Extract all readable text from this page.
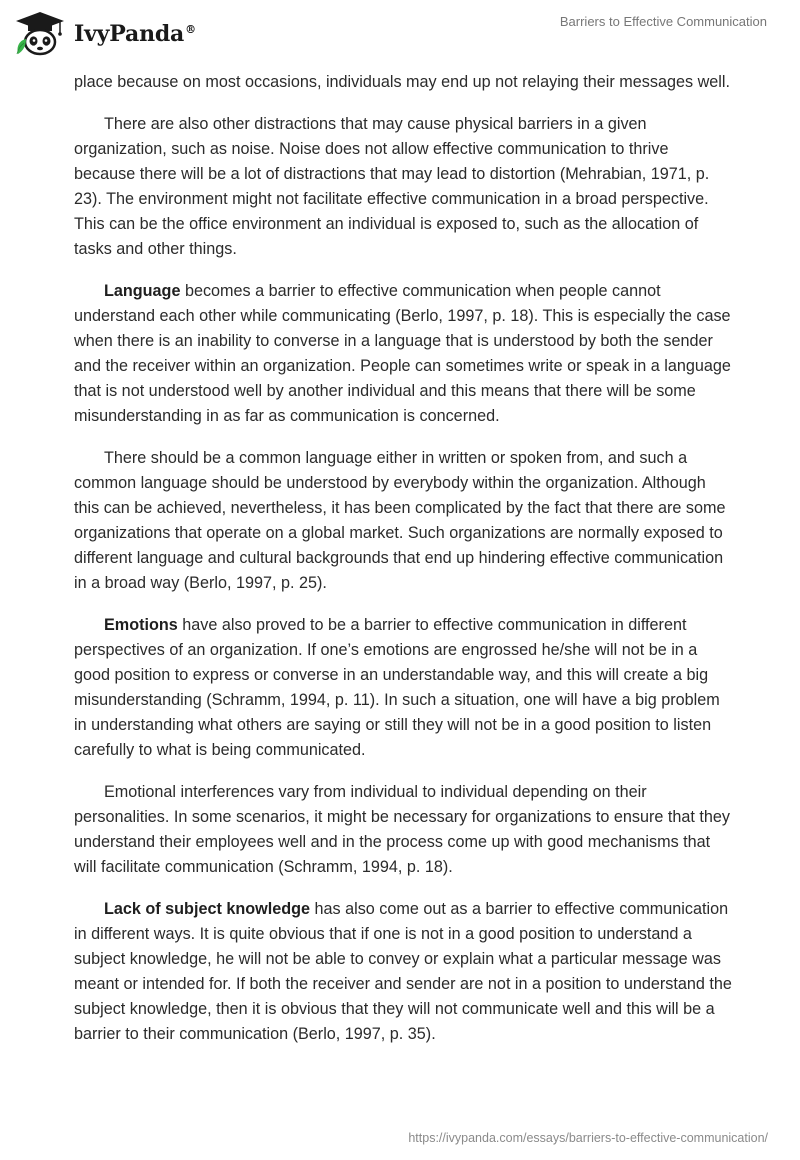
IvyPanda®
Barriers to Effective Communication

place because on most occasions, individuals may end up not relaying their messages well.

There are also other distractions that may cause physical barriers in a given organization, such as noise. Noise does not allow effective communication to thrive because there will be a lot of distractions that may lead to distortion (Mehrabian, 1971, p. 23). The environment might not facilitate effective communication in a broad perspective. This can be the office environment an individual is exposed to, such as the allocation of tasks and other things.

Language becomes a barrier to effective communication when people cannot understand each other while communicating (Berlo, 1997, p. 18). This is especially the case when there is an inability to converse in a language that is understood by both the sender and the receiver within an organization. People can sometimes write or speak in a language that is not understood well by another individual and this means that there will be some misunderstanding in as far as communication is concerned.

There should be a common language either in written or spoken from, and such a common language should be understood by everybody within the organization. Although this can be achieved, nevertheless, it has been complicated by the fact that there are some organizations that operate on a global market. Such organizations are normally exposed to different language and cultural backgrounds that end up hindering effective communication in a broad way (Berlo, 1997, p. 25).

Emotions have also proved to be a barrier to effective communication in different perspectives of an organization. If one’s emotions are engrossed he/she will not be in a good position to express or converse in an understandable way, and this will create a big misunderstanding (Schramm, 1994, p. 11). In such a situation, one will have a big problem in understanding what others are saying or still they will not be in a good position to listen carefully to what is being communicated.

Emotional interferences vary from individual to individual depending on their personalities. In some scenarios, it might be necessary for organizations to ensure that they understand their employees well and in the process come up with good mechanisms that will facilitate communication (Schramm, 1994, p. 18).

Lack of subject knowledge has also come out as a barrier to effective communication in different ways. It is quite obvious that if one is not in a good position to understand a subject knowledge, he will not be able to convey or explain what a particular message was meant or intended for. If both the receiver and sender are not in a position to understand the subject knowledge, then it is obvious that they will not communicate well and this will be a barrier to their communication (Berlo, 1997, p. 35).

https://ivypanda.com/essays/barriers-to-effective-communication/
